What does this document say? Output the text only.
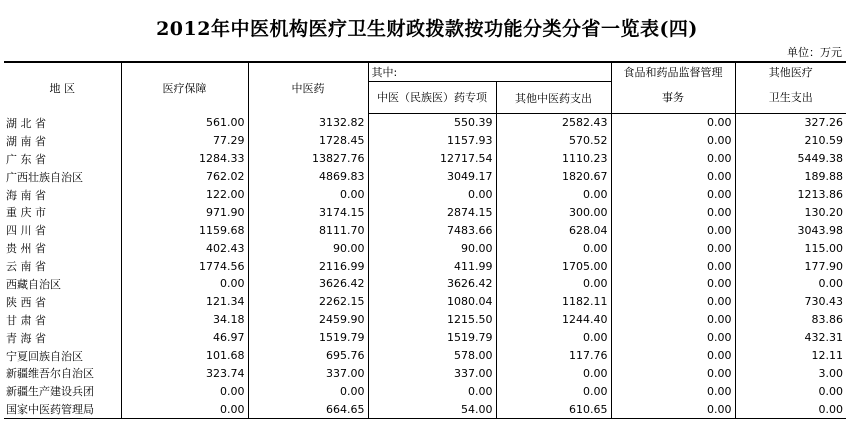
2012年中医机构医疗卫生财政拨款按功能分类分省一览表(四)
单位：万元
地 区	医疗保障	中医药	其中:		食品和药品监督管理	其他医疗
			中医（民族医）药专项	其他中医药支出	事务	卫生支出
湖 北 省	561.00	3132.82	550.39	2582.43	0.00	327.26
湖 南 省	77.29	1728.45	1157.93	570.52	0.00	210.59
广 东 省	1284.33	13827.76	12717.54	1110.23	0.00	5449.38
广西壮族自治区	762.02	4869.83	3049.17	1820.67	0.00	189.88
海 南 省	122.00	0.00	0.00	0.00	0.00	1213.86
重 庆 市	971.90	3174.15	2874.15	300.00	0.00	130.20
四 川 省	1159.68	8111.70	7483.66	628.04	0.00	3043.98
贵 州 省	402.43	90.00	90.00	0.00	0.00	115.00
云 南 省	1774.56	2116.99	411.99	1705.00	0.00	177.90
西藏自治区	0.00	3626.42	3626.42	0.00	0.00	0.00
陕 西 省	121.34	2262.15	1080.04	1182.11	0.00	730.43
甘 肃 省	34.18	2459.90	1215.50	1244.40	0.00	83.86
青 海 省	46.97	1519.79	1519.79	0.00	0.00	432.31
宁夏回族自治区	101.68	695.76	578.00	117.76	0.00	12.11
新疆维吾尔自治区	323.74	337.00	337.00	0.00	0.00	3.00
新疆生产建设兵团	0.00	0.00	0.00	0.00	0.00	0.00
国家中医药管理局	0.00	664.65	54.00	610.65	0.00	0.00
